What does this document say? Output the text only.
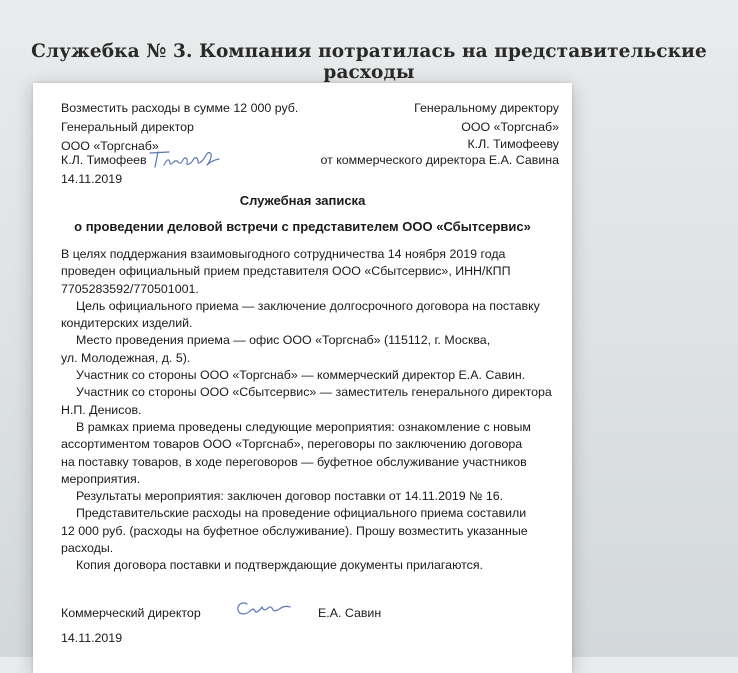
Служебка № 3. Компания потратилась на представительские расходы
Возместить расходы в сумме 12 000 руб.
Генеральный директор
ООО «Торгснаб»
К.Л. Тимофеев
14.11.2019
Генеральному директору
ООО «Торгснаб»
К.Л. Тимофееву
от коммерческого директора Е.А. Савина
Служебная записка
о проведении деловой встречи с представителем ООО «Сбытсервис»

В целях поддержания взаимовыгодного сотрудничества 14 ноября 2019 года

проведен официальный прием представителя ООО «Сбытсервис», ИНН/КПП

7705283592/770501001.

Цель официального приема — заключение долгосрочного договора на поставку

кондитерских изделий.

Место проведения приема — офис ООО «Торгснаб» (115112, г. Москва,

ул. Молодежная, д. 5).

Участник со стороны ООО «Торгснаб» — коммерческий директор Е.А. Савин.

Участник со стороны ООО «Сбытсервис» — заместитель генерального директора

Н.П. Денисов.

В рамках приема проведены следующие мероприятия: ознакомление с новым

ассортиментом товаров ООО «Торгснаб», переговоры по заключению договора

на поставку товаров, в ходе переговоров — буфетное обслуживание участников

мероприятия.

Результаты мероприятия: заключен договор поставки от 14.11.2019 № 16.

Представительские расходы на проведение официального приема составили

12 000 руб. (расходы на буфетное обслуживание). Прошу возместить указанные

расходы.

Копия договора поставки и подтверждающие документы прилагаются.

Коммерческий директор	Е.А. Савин
14.11.2019
